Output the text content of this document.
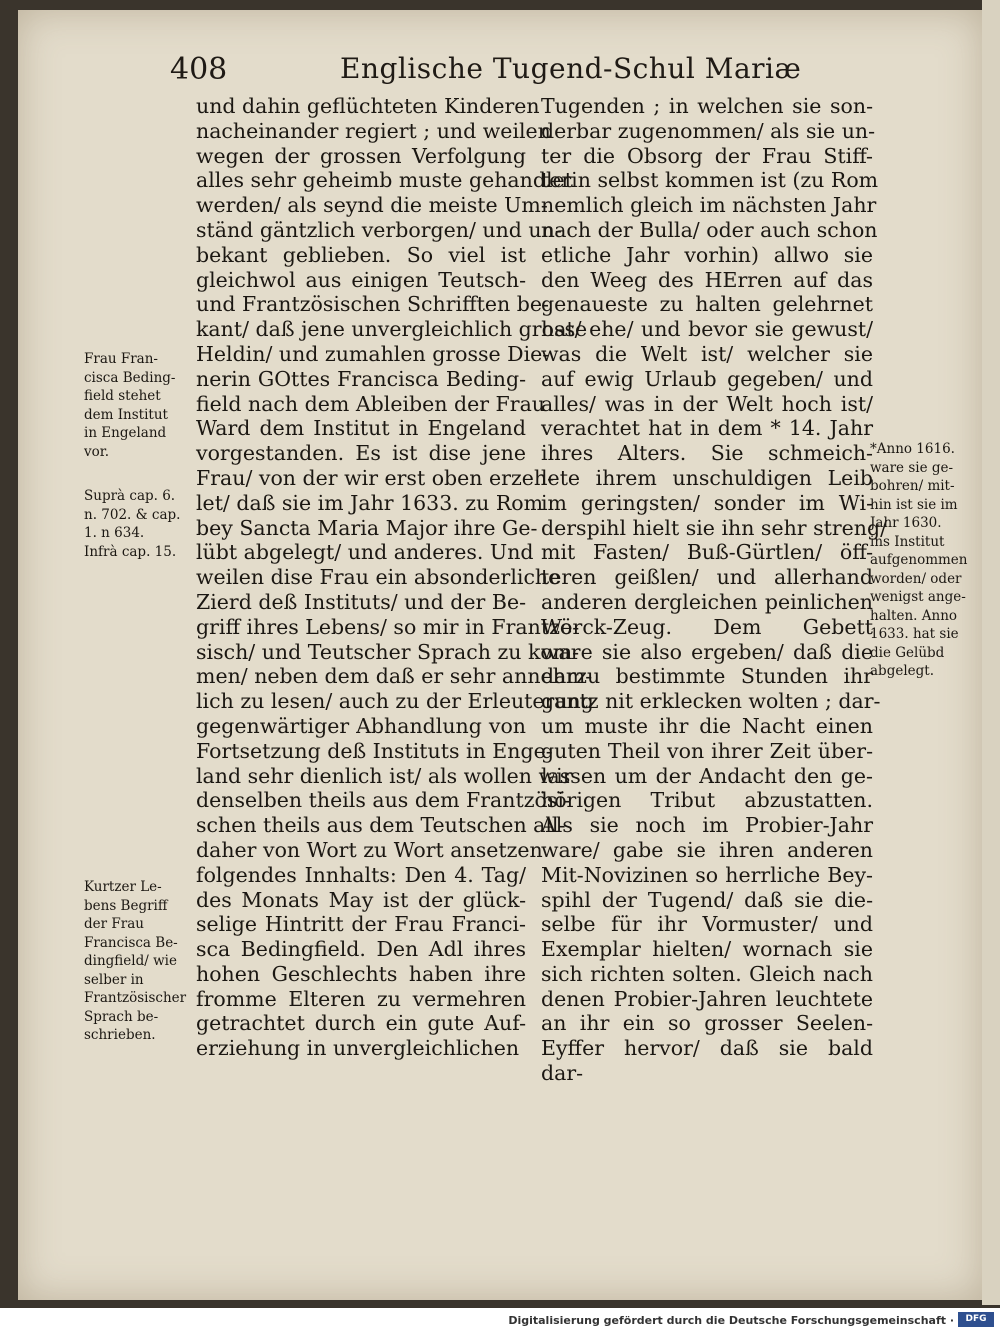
408	Englische Tugend-Schul Mariæ
und dahin geflüchteten Kinderen
nacheinander regiert ; und weilen
wegen der grossen Verfolgung
alles sehr geheimb muste gehandlet
werden/ als seynd die meiste Um-
ständ gäntzlich verborgen/ und un-
bekant geblieben. So viel ist
gleichwol aus einigen Teutsch-
und Frantzösischen Schrifften be-
kant/ daß jene unvergleichlich grosse
Heldin/ und zumahlen grosse Die-
nerin GOttes Francisca Beding-
field nach dem Ableiben der Frau
Ward dem Institut in Engeland
vorgestanden. Es ist dise jene
Frau/ von der wir erst oben erzeh-
let/ daß sie im Jahr 1633. zu Rom
bey Sancta Maria Major ihre Ge-
lübt abgelegt/ und anderes. Und
weilen dise Frau ein absonderliche
Zierd deß Instituts/ und der Be-
griff ihres Lebens/ so mir in Frantzö-
sisch/ und Teutscher Sprach zu kom-
men/ neben dem daß er sehr annehm-
lich zu lesen/ auch zu der Erleuterung
gegenwärtiger Abhandlung von
Fortsetzung deß Instituts in Enge-
land sehr dienlich ist/ als wollen wir
denselben theils aus dem Frantzösi-
schen theils aus dem Teutschen all-
daher von Wort zu Wort ansetzen
folgendes Innhalts: Den 4. Tag/
des Monats May ist der glück-
selige Hintritt der Frau Franci-
sca Bedingfield. Den Adl ihres
hohen Geschlechts haben ihre
fromme Elteren zu vermehren
getrachtet durch ein gute Auf-
erziehung in unvergleichlichen
Tugenden ; in welchen sie son-
derbar zugenommen/ als sie un-
ter die Obsorg der Frau Stiff-
terin selbst kommen ist (zu Rom
nemlich gleich im nächsten Jahr
nach der Bulla/ oder auch schon
etliche Jahr vorhin) allwo sie
den Weeg des HErren auf das
genaueste zu halten gelehrnet
hat/ ehe/ und bevor sie gewust/
was die Welt ist/ welcher sie
auf ewig Urlaub gegeben/ und
alles/ was in der Welt hoch ist/
verachtet hat in dem * 14. Jahr
ihres Alters. Sie schmeich-
lete ihrem unschuldigen Leib
im geringsten/ sonder im Wi-
derspihl hielt sie ihn sehr streng/
mit Fasten/ Buß-Gürtlen/ öff-
teren geißlen/ und allerhand
anderen dergleichen peinlichen
Werck-Zeug. Dem Gebett
ware sie also ergeben/ daß die
darzu bestimmte Stunden ihr
gantz nit erklecken wolten ; dar-
um muste ihr die Nacht einen
guten Theil von ihrer Zeit über-
lassen um der Andacht den ge-
hörigen Tribut abzustatten.
Als sie noch im Probier-Jahr
ware/ gabe sie ihren anderen
Mit-Novizinen so herrliche Bey-
spihl der Tugend/ daß sie die-
selbe für ihr Vormuster/ und
Exemplar hielten/ wornach sie
sich richten solten. Gleich nach
denen Probier-Jahren leuchtete
an ihr ein so grosser Seelen-
Eyffer hervor/ daß sie bald
dar-
Frau Fran-
cisca Beding-
field stehet
dem Institut
in Engeland
vor.
Suprà cap. 6.
n. 702. & cap.
1. n 634.
Infrà cap. 15.
Kurtzer Le-
bens Begriff
der Frau
Francisca Be-
dingfield/ wie
selber in
Frantzösischer
Sprach be-
schrieben.
*Anno 1616.
ware sie ge-
bohren/ mit-
hin ist sie im
Jahr 1630.
ins Institut
aufgenommen
worden/ oder
wenigst ange-
halten. Anno
1633. hat sie
die Gelübd
abgelegt.
Digitalisierung gefördert durch die Deutsche Forschungsgemeinschaft ·	DFG
